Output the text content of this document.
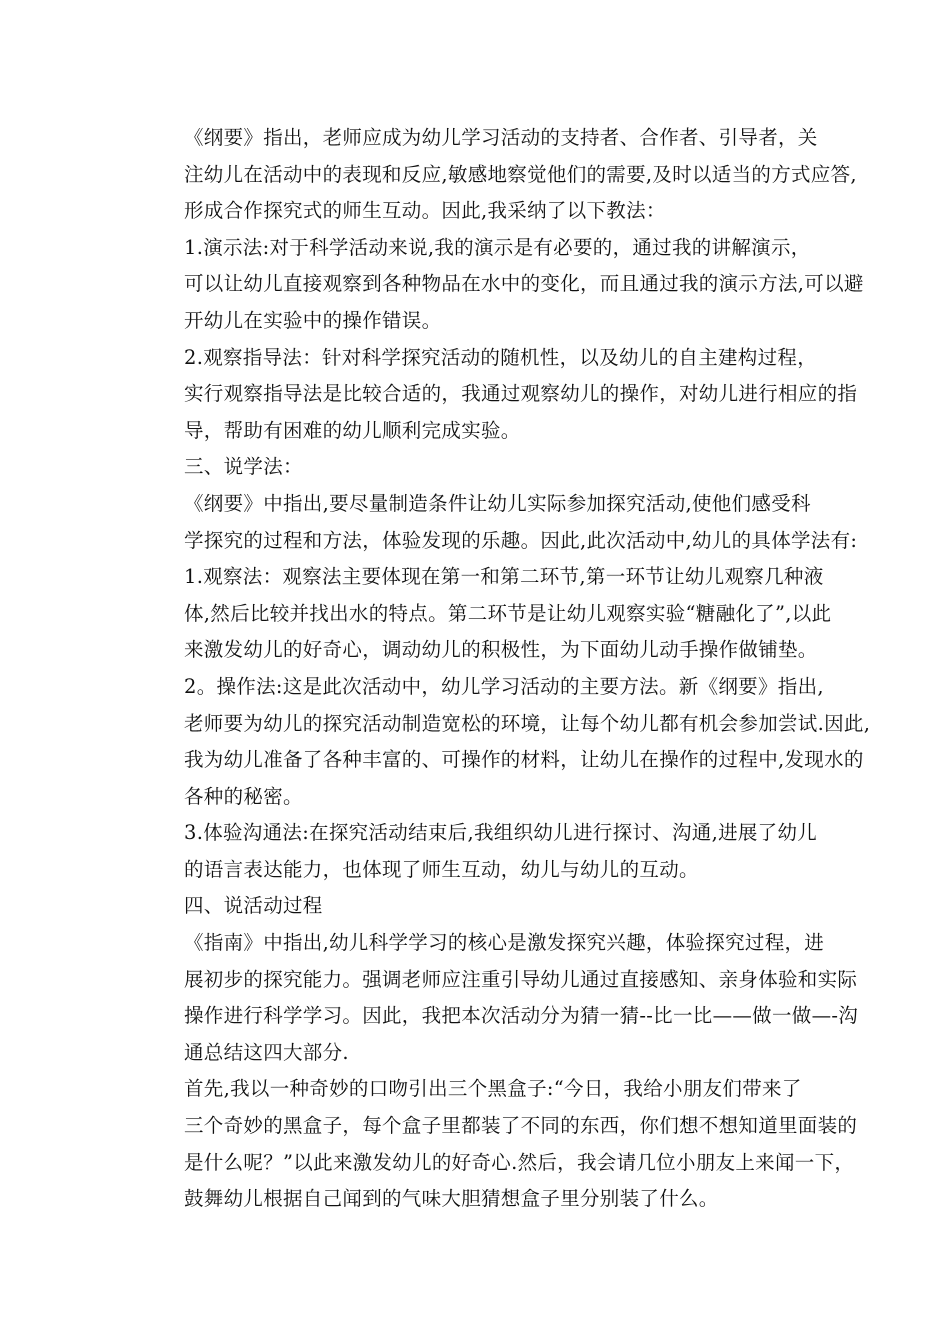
《纲要》指出，老师应成为幼儿学习活动的支持者、合作者、引导者，关
注幼儿在活动中的表现和反应,敏感地察觉他们的需要,及时以适当的方式应答,
形成合作探究式的师生互动。因此,我采纳了以下教法：

1.演示法:对于科学活动来说,我的演示是有必要的，通过我的讲解演示，
可以让幼儿直接观察到各种物品在水中的变化，而且通过我的演示方法,可以避
开幼儿在实验中的操作错误。

2.观察指导法：针对科学探究活动的随机性，以及幼儿的自主建构过程，
实行观察指导法是比较合适的，我通过观察幼儿的操作，对幼儿进行相应的指
导，帮助有困难的幼儿顺利完成实验。

三、说学法：

《纲要》中指出,要尽量制造条件让幼儿实际参加探究活动,使他们感受科
学探究的过程和方法，体验发现的乐趣。因此,此次活动中,幼儿的具体学法有:

1.观察法：观察法主要体现在第一和第二环节,第一环节让幼儿观察几种液
体,然后比较并找出水的特点。第二环节是让幼儿观察实验“糖融化了”,以此
来激发幼儿的好奇心，调动幼儿的积极性，为下面幼儿动手操作做铺垫。

2。操作法:这是此次活动中，幼儿学习活动的主要方法。新《纲要》指出,
老师要为幼儿的探究活动制造宽松的环境，让每个幼儿都有机会参加尝试.因此,
我为幼儿准备了各种丰富的、可操作的材料，让幼儿在操作的过程中,发现水的
各种的秘密。

3.体验沟通法:在探究活动结束后,我组织幼儿进行探讨、沟通,进展了幼儿
的语言表达能力，也体现了师生互动，幼儿与幼儿的互动。

四、说活动过程

《指南》中指出,幼儿科学学习的核心是激发探究兴趣，体验探究过程，进
展初步的探究能力。强调老师应注重引导幼儿通过直接感知、亲身体验和实际
操作进行科学学习。因此，我把本次活动分为猜一猜--比一比——做一做—-沟
通总结这四大部分.

首先,我以一种奇妙的口吻引出三个黑盒子:“今日，我给小朋友们带来了
三个奇妙的黑盒子，每个盒子里都装了不同的东西，你们想不想知道里面装的
是什么呢？”以此来激发幼儿的好奇心.然后，我会请几位小朋友上来闻一下，
鼓舞幼儿根据自己闻到的气味大胆猜想盒子里分别装了什么。
